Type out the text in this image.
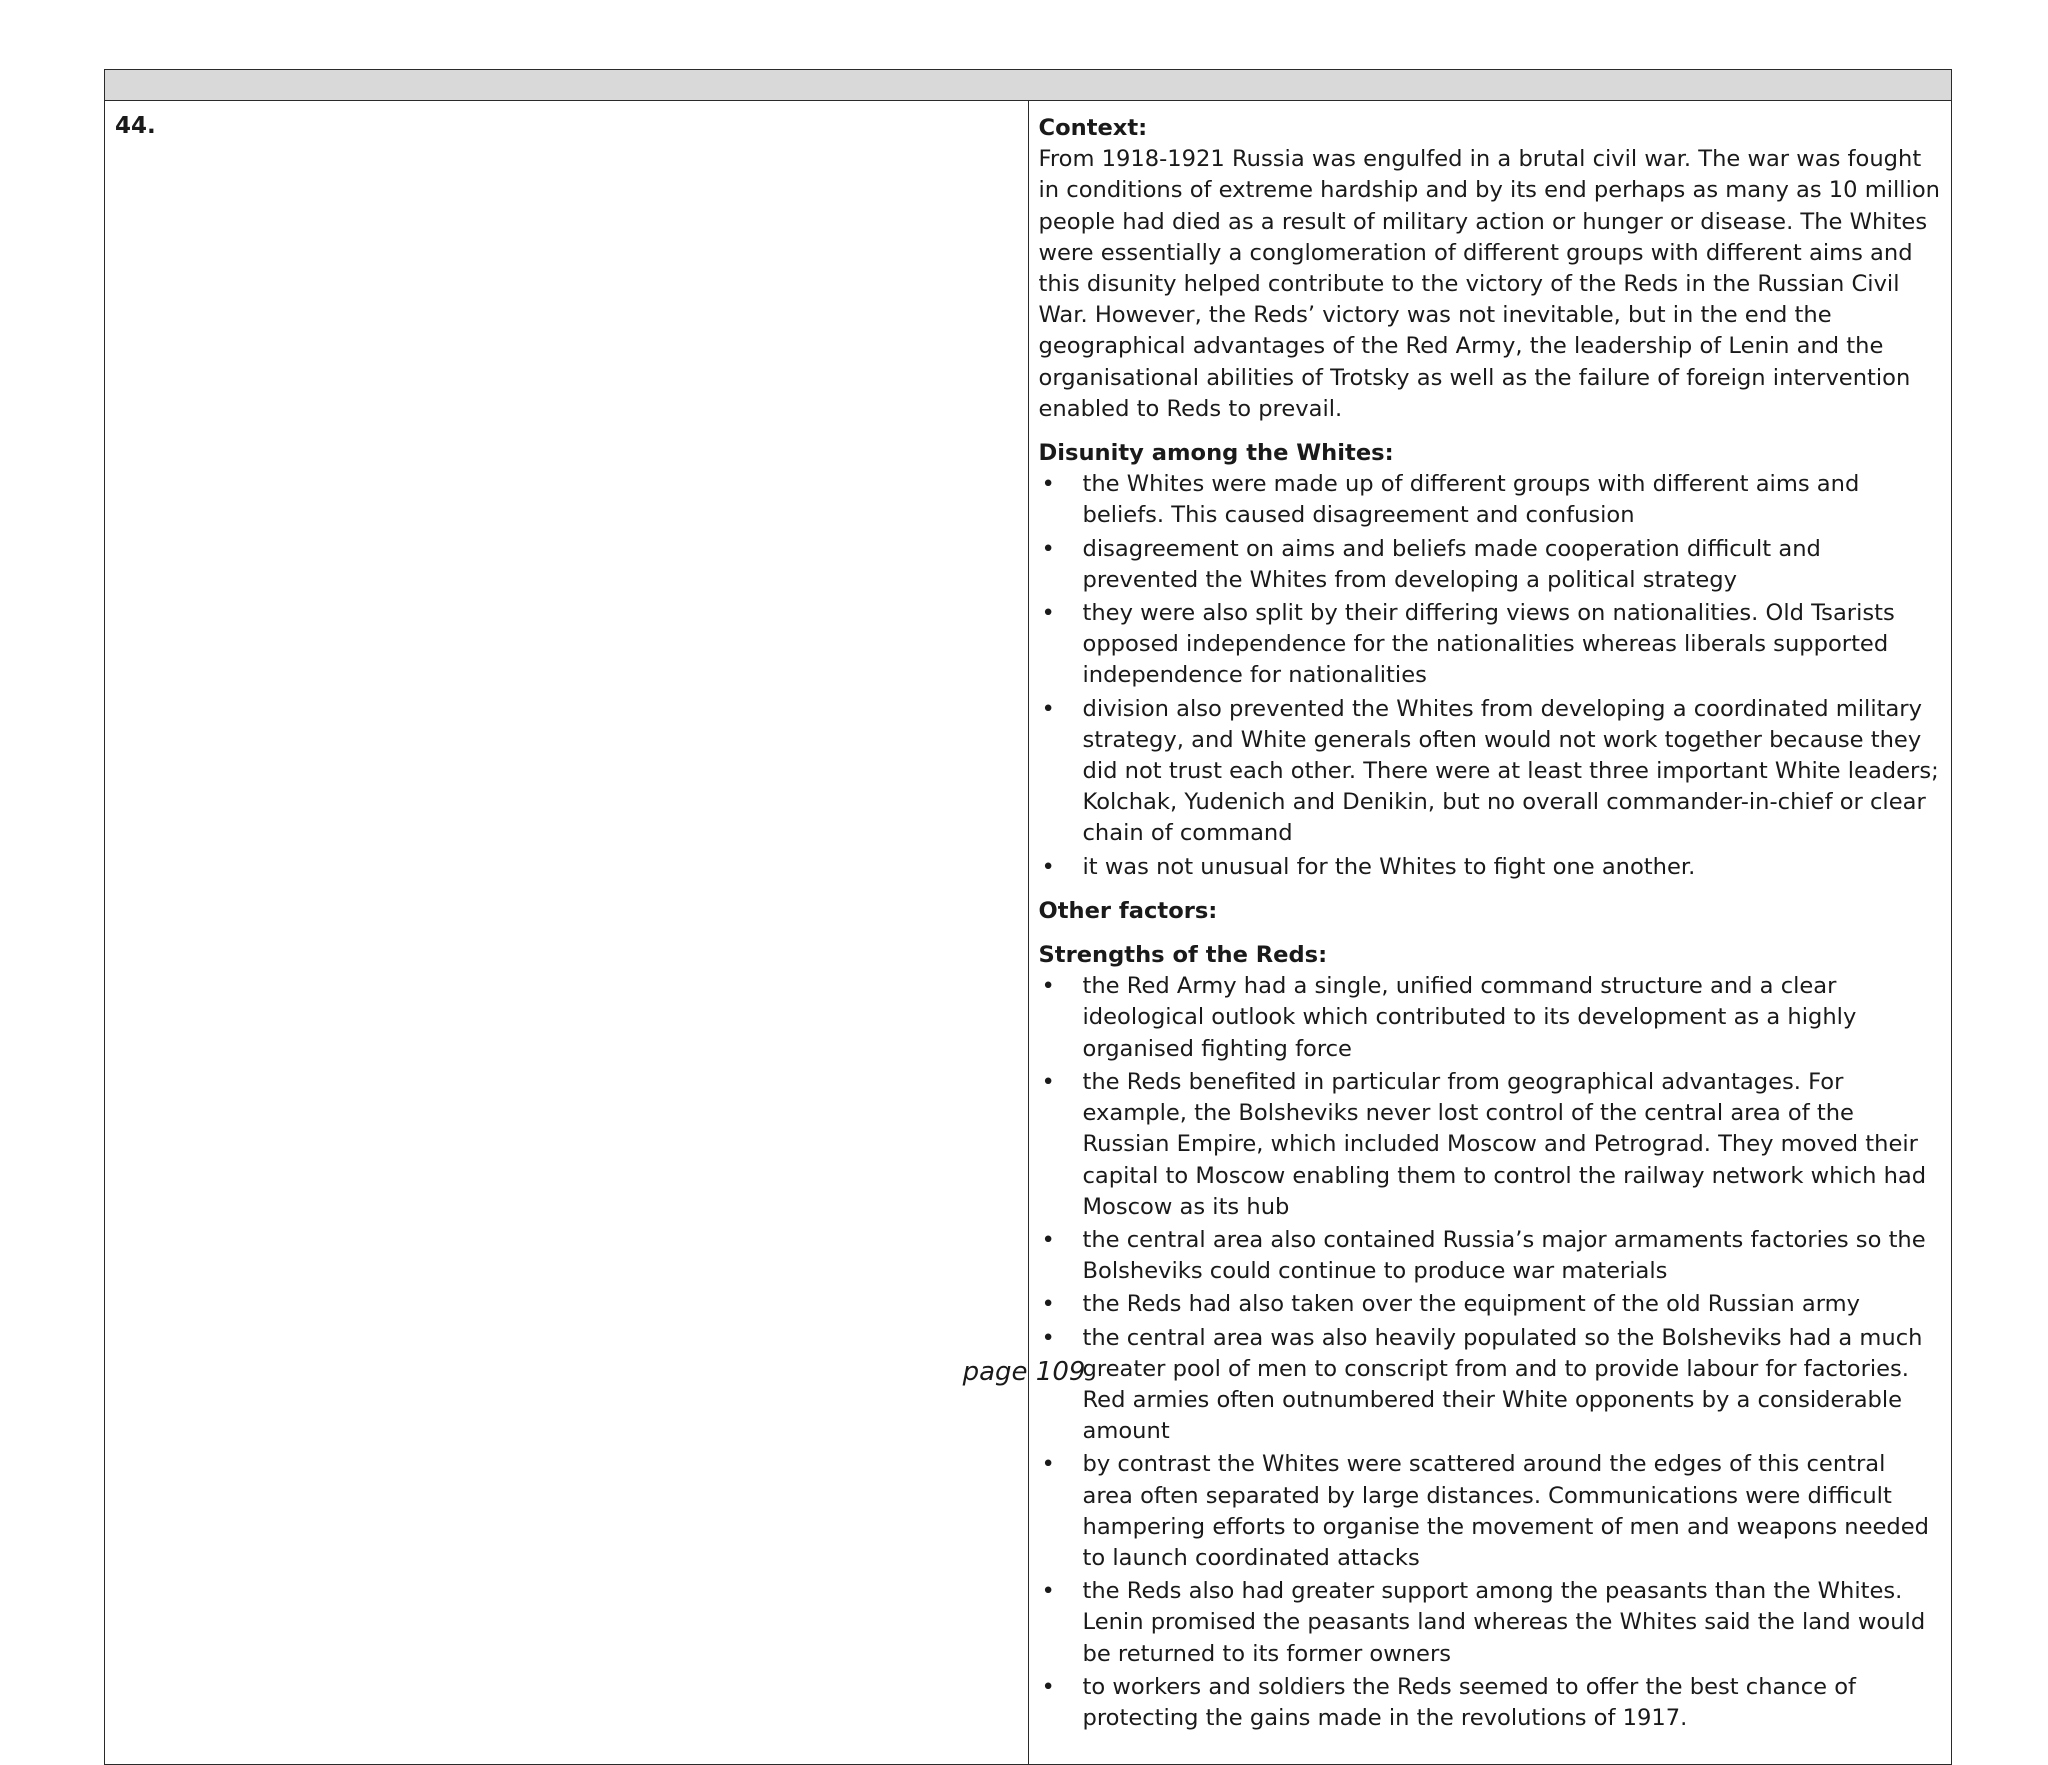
44.	Context:

From 1918-1921 Russia was engulfed in a brutal civil war. The war was fought in conditions of extreme hardship and by its end perhaps as many as 10 million people had died as a result of military action or hunger or disease. The Whites were essentially a conglomeration of different groups with different aims and this disunity helped contribute to the victory of the Reds in the Russian Civil War. However, the Reds’ victory was not inevitable, but in the end the geographical advantages of the Red Army, the leadership of Lenin and the organisational abilities of Trotsky as well as the failure of foreign intervention enabled to Reds to prevail.

Disunity among the Whites:

• the Whites were made up of different groups with different aims and beliefs. This caused disagreement and confusion
• disagreement on aims and beliefs made cooperation difficult and prevented the Whites from developing a political strategy
• they were also split by their differing views on nationalities. Old Tsarists opposed independence for the nationalities whereas liberals supported independence for nationalities
• division also prevented the Whites from developing a coordinated military strategy, and White generals often would not work together because they did not trust each other. There were at least three important White leaders; Kolchak, Yudenich and Denikin, but no overall commander-in-chief or clear chain of command
• it was not unusual for the Whites to fight one another.

Other factors:

Strengths of the Reds:

• the Red Army had a single, unified command structure and a clear ideological outlook which contributed to its development as a highly organised fighting force
• the Reds benefited in particular from geographical advantages. For example, the Bolsheviks never lost control of the central area of the Russian Empire, which included Moscow and Petrograd. They moved their capital to Moscow enabling them to control the railway network which had Moscow as its hub
• the central area also contained Russia’s major armaments factories so the Bolsheviks could continue to produce war materials
• the Reds had also taken over the equipment of the old Russian army
• the central area was also heavily populated so the Bolsheviks had a much greater pool of men to conscript from and to provide labour for factories. Red armies often outnumbered their White opponents by a considerable amount
• by contrast the Whites were scattered around the edges of this central area often separated by large distances. Communications were difficult hampering efforts to organise the movement of men and weapons needed to launch coordinated attacks
• the Reds also had greater support among the peasants than the Whites. Lenin promised the peasants land whereas the Whites said the land would be returned to its former owners
• to workers and soldiers the Reds seemed to offer the best chance of protecting the gains made in the revolutions of 1917.
page 109
